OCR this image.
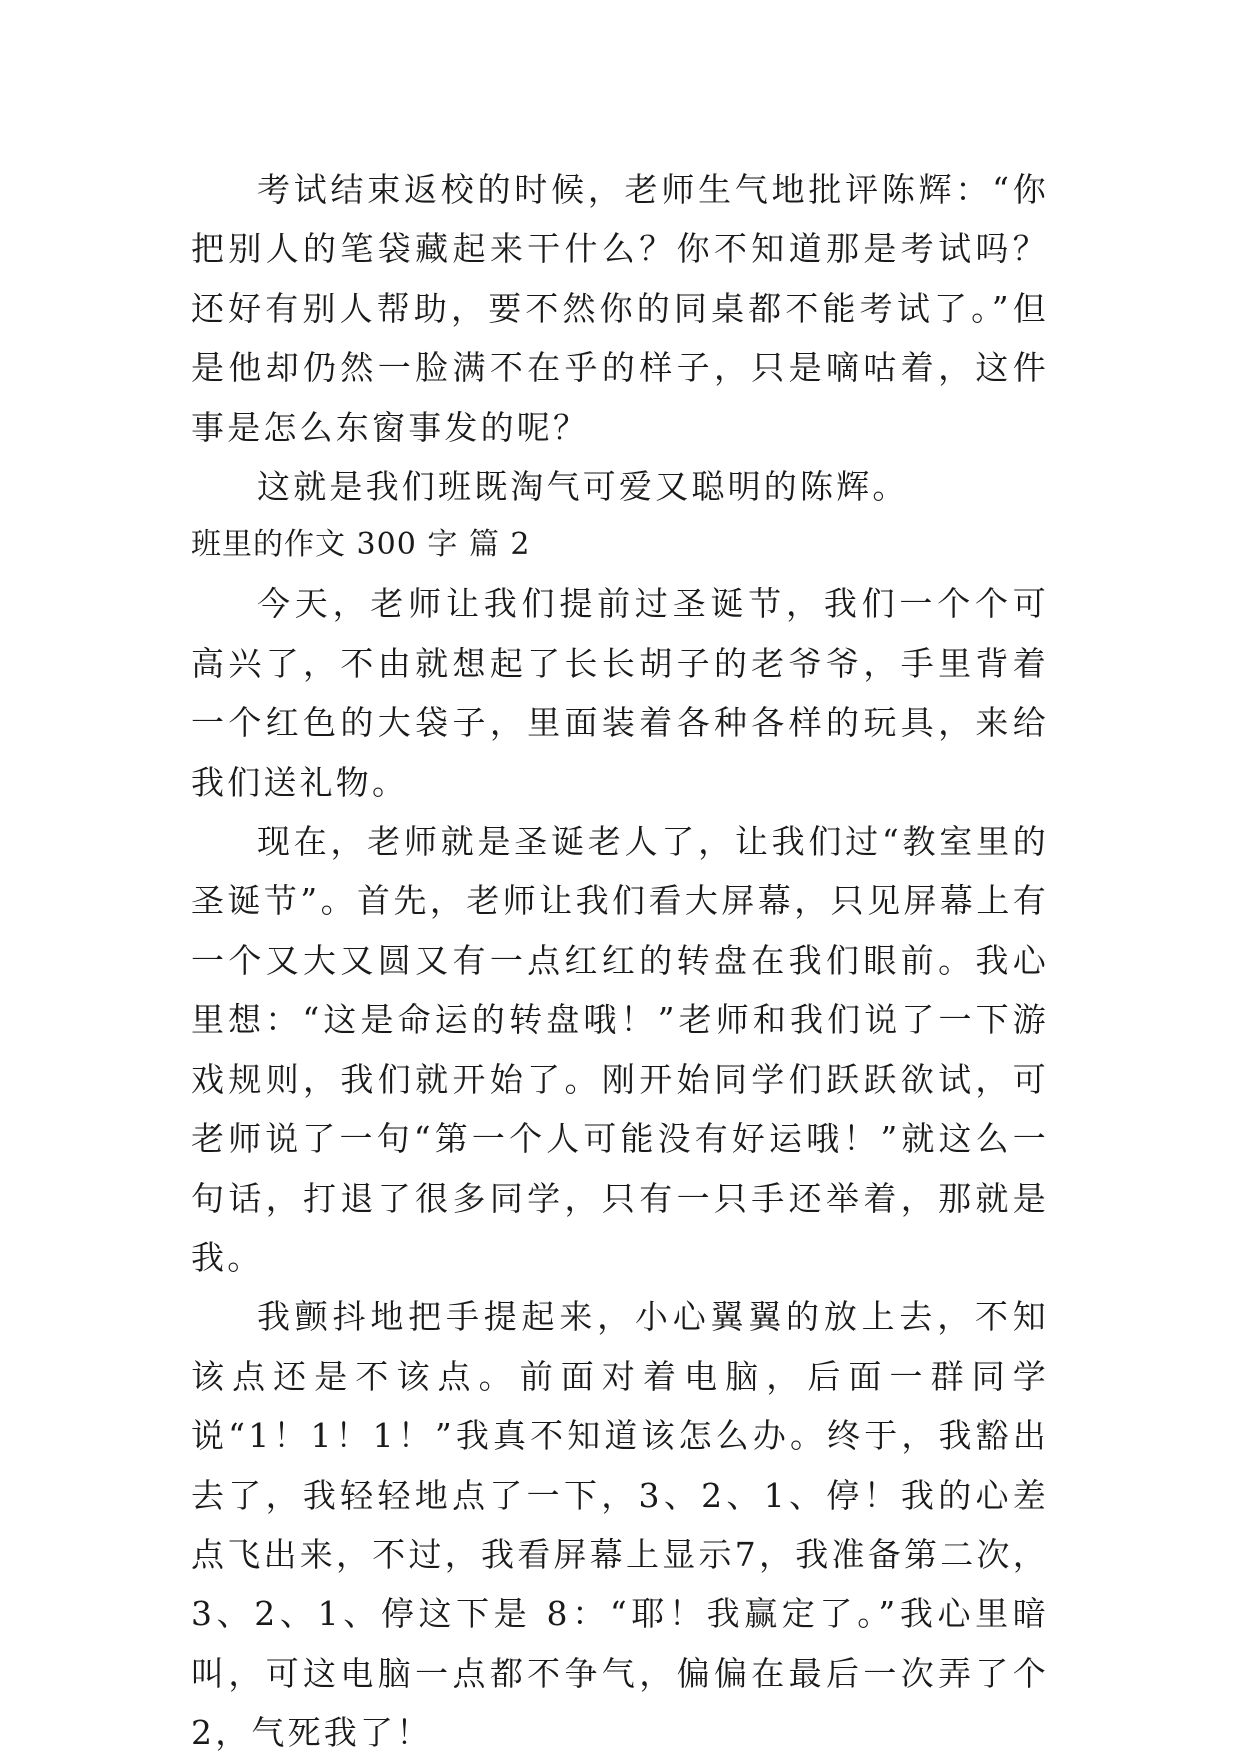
考试结束返校的时候，老师生气地批评陈辉：“你把别人的笔袋藏起来干什么？你不知道那是考试吗？还好有别人帮助，要不然你的同桌都不能考试了。”但是他却仍然一脸满不在乎的样子，只是嘀咕着，这件事是怎么东窗事发的呢？

这就是我们班既淘气可爱又聪明的陈辉。

班里的作文 300 字 篇 2

今天，老师让我们提前过圣诞节，我们一个个可高兴了，不由就想起了长长胡子的老爷爷，手里背着一个红色的大袋子，里面装着各种各样的玩具，来给我们送礼物。

现在，老师就是圣诞老人了，让我们过“教室里的圣诞节”。首先，老师让我们看大屏幕，只见屏幕上有一个又大又圆又有一点红红的转盘在我们眼前。我心里想：“这是命运的转盘哦！”老师和我们说了一下游戏规则，我们就开始了。刚开始同学们跃跃欲试，可老师说了一句“第一个人可能没有好运哦！”就这么一句话，打退了很多同学，只有一只手还举着，那就是我。

我颤抖地把手提起来，小心翼翼的放上去，不知该点还是不该点。前面对着电脑，后面一群同学说“1！1！1！”我真不知道该怎么办。终于，我豁出去了，我轻轻地点了一下，3、2、1、停！我的心差点飞出来，不过，我看屏幕上显示7，我准备第二次，3、2、1、停这下是 8：“耶！我赢定了。”我心里暗叫，可这电脑一点都不争气，偏偏在最后一次弄了个 2，气死我了！
